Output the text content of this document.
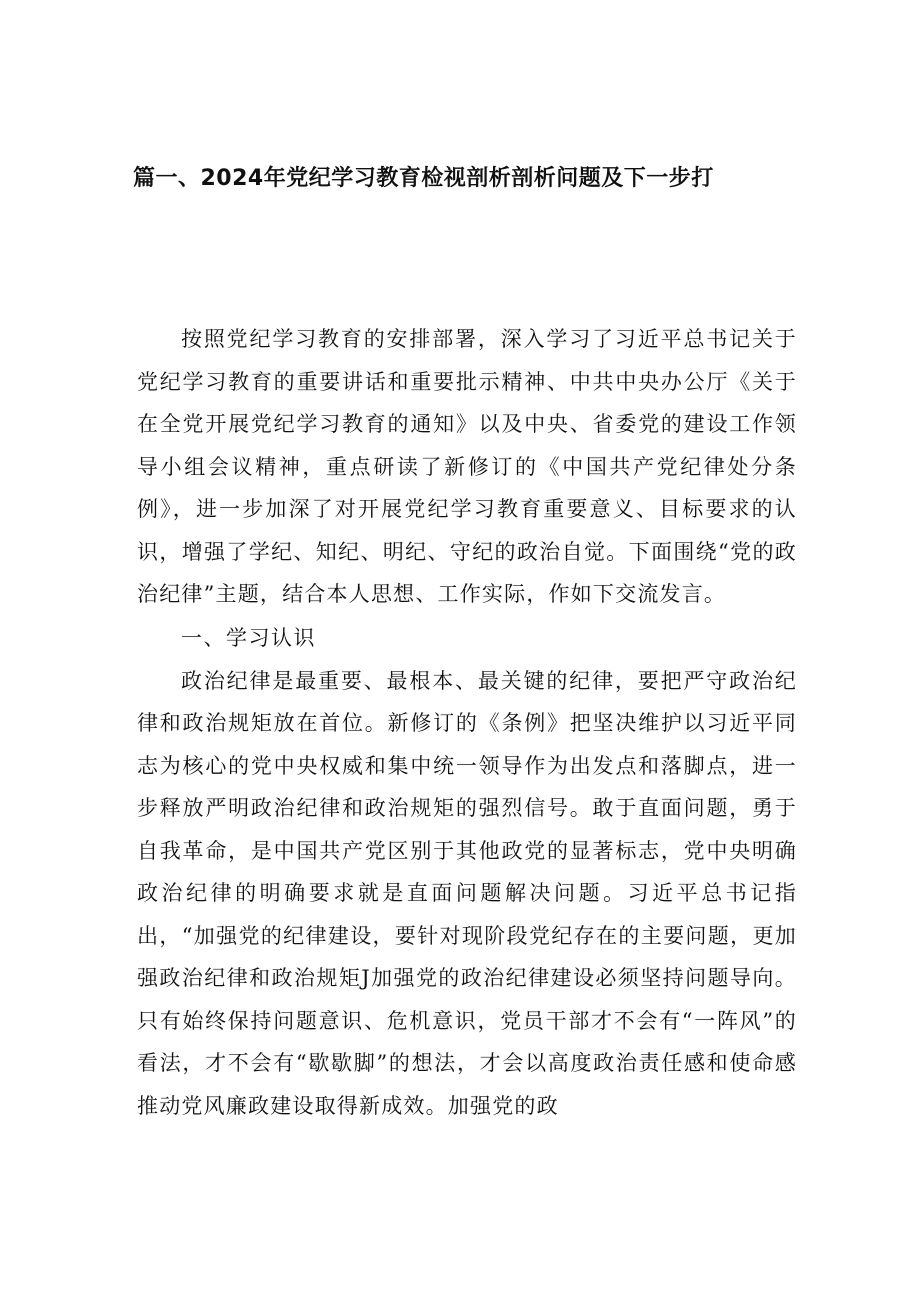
篇一、2024年党纪学习教育检视剖析剖析问题及下一步打

按照党纪学习教育的安排部署，深入学习了习近平总书记关于党纪学习教育的重要讲话和重要批示精神、中共中央办公厅《关于在全党开展党纪学习教育的通知》以及中央、省委党的建设工作领导小组会议精神，重点研读了新修订的《中国共产党纪律处分条例》，进一步加深了对开展党纪学习教育重要意义、目标要求的认识，增强了学纪、知纪、明纪、守纪的政治自觉。下面围绕“党的政治纪律”主题，结合本人思想、工作实际，作如下交流发言。

一、学习认识

政治纪律是最重要、最根本、最关键的纪律，要把严守政治纪律和政治规矩放在首位。新修订的《条例》把坚决维护以习近平同志为核心的党中央权威和集中统一领导作为出发点和落脚点，进一步释放严明政治纪律和政治规矩的强烈信号。敢于直面问题，勇于自我革命，是中国共产党区别于其他政党的显著标志，党中央明确政治纪律的明确要求就是直面问题解决问题。习近平总书记指出，“加强党的纪律建设，要针对现阶段党纪存在的主要问题，更加强政治纪律和政治规矩J加强党的政治纪律建设必须坚持问题导向。只有始终保持问题意识、危机意识，党员干部才不会有“一阵风”的看法，才不会有“歇歇脚”的想法，才会以高度政治责任感和使命感推动党风廉政建设取得新成效。加强党的政
